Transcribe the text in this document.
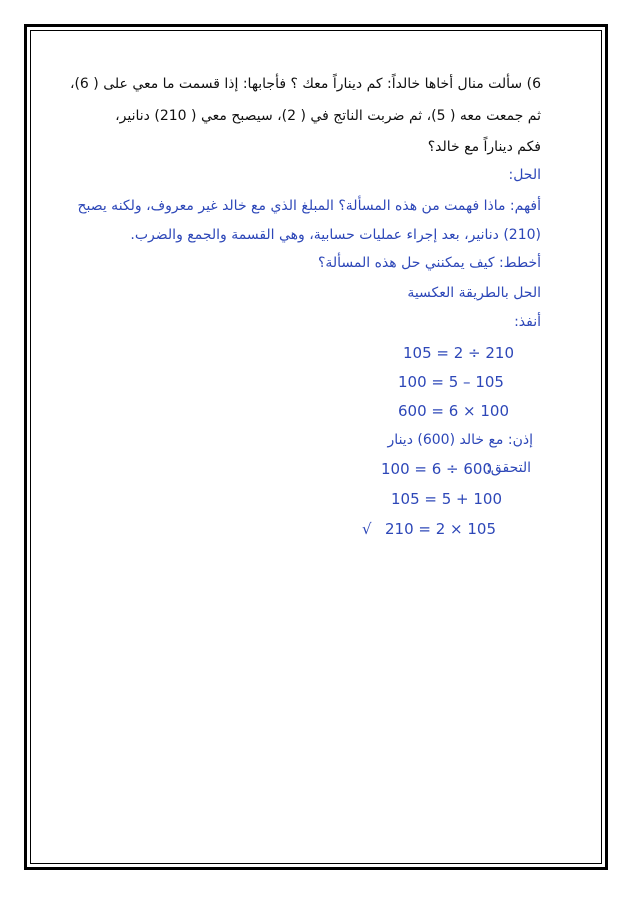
6) سألت منال أخاها خالداً: كم ديناراً معك ؟ فأجابها: إذا قسمت ما معي على ( 6)،
ثم جمعت معه ( 5)، ثم ضربت الناتج في ( 2)، سيصبح معي ( 210) دنانير،
فكم ديناراً مع خالد؟
الحل:
أفهم: ماذا فهمت من هذه المسألة؟ المبلغ الذي مع خالد غير معروف، ولكنه يصبح
(210) دنانير، بعد إجراء عمليات حسابية، وهي القسمة والجمع والضرب.
أخطط: كيف يمكنني حل هذه المسألة؟
الحل بالطريقة العكسية
أنفذ:
105 = 2 ÷ 210
100 = 5 – 105
600 = 6 × 100
إذن: مع خالد (600) دينار
التحقق:
100 = 6 ÷ 600
105 = 5 + 100
210 = 2 × 105
√
